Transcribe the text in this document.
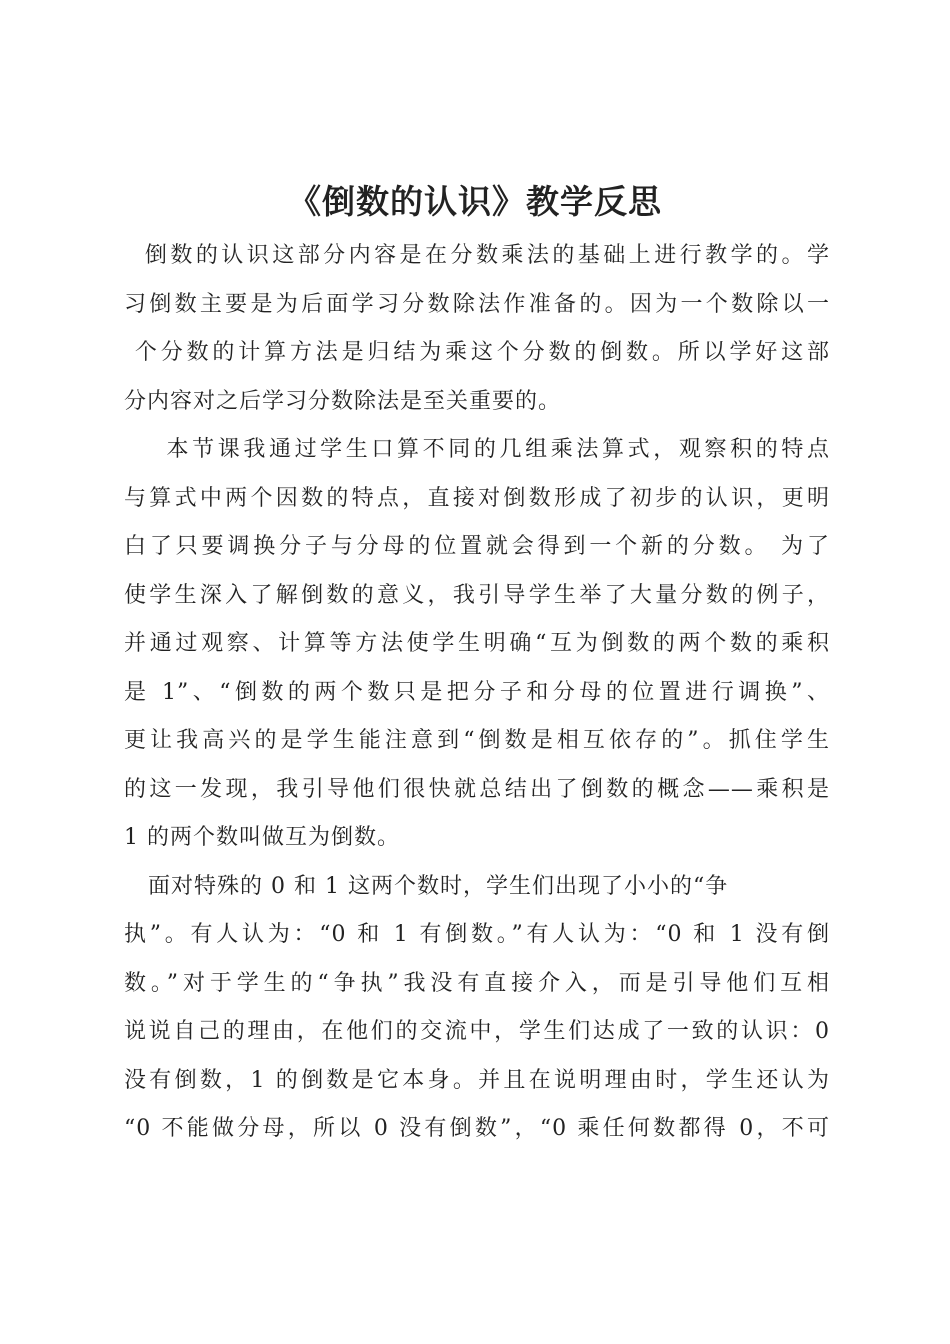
《倒数的认识》教学反思
倒数的认识这部分内容是在分数乘法的基础上进行教学的。学
习倒数主要是为后面学习分数除法作准备的。因为一个数除以一
个分数的计算方法是归结为乘这个分数的倒数。所以学好这部
分内容对之后学习分数除法是至关重要的。
本节课我通过学生口算不同的几组乘法算式，观察积的特点
与算式中两个因数的特点，直接对倒数形成了初步的认识，更明
白了只要调换分子与分母的位置就会得到一个新的分数。 为了
使学生深入了解倒数的意义，我引导学生举了大量分数的例子，
并通过观察、计算等方法使学生明确“互为倒数的两个数的乘积
是 1”、“倒数的两个数只是把分子和分母的位置进行调换”、
更让我高兴的是学生能注意到“倒数是相互依存的”。抓住学生
的这一发现，我引导他们很快就总结出了倒数的概念——乘积是
1 的两个数叫做互为倒数。
面对特殊的 0 和 1 这两个数时，学生们出现了小小的“争
执”。有人认为：“0 和 1 有倒数。”有人认为：“0 和 1 没有倒
数。”对于学生的“争执”我没有直接介入，而是引导他们互相
说说自己的理由，在他们的交流中，学生们达成了一致的认识：0
没有倒数，1 的倒数是它本身。并且在说明理由时，学生还认为
“0 不能做分母，所以 0 没有倒数”，“0 乘任何数都得 0，不可
